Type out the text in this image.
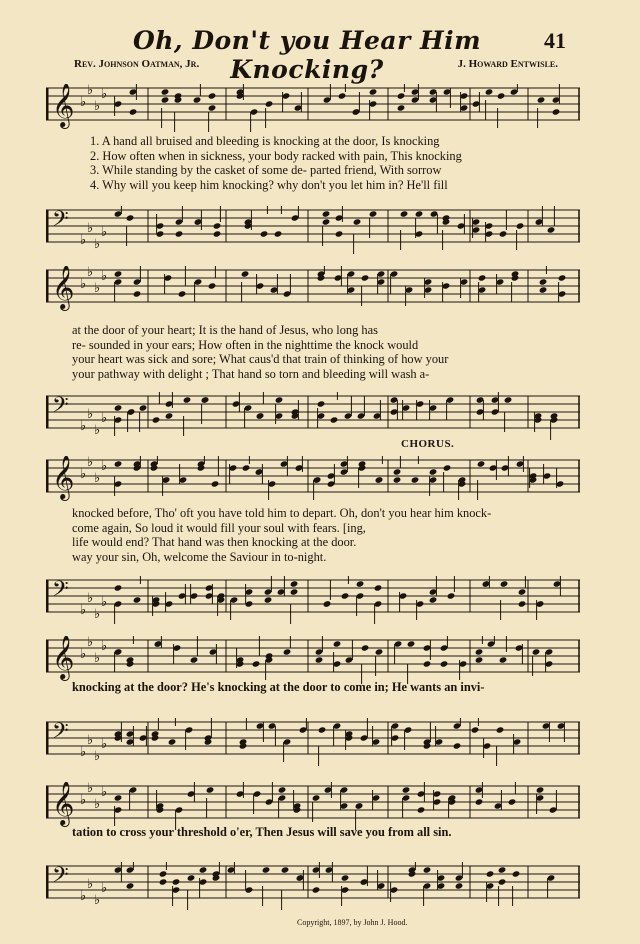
Oh, Don't you Hear Him Knocking?
41
Rev. Johnson Oatman, Jr.	J. Howard Entwisle.
𝄞 ♭
♭
♭
♭
1. A hand all bruised and bleeding is knocking at the door, Is knocking
2. How often when in sickness, your body racked with pain, This knocking
3. While standing by the casket of some de- parted friend, With sorrow
4. Why will you keep him knocking? why don't you let him in? He'll fill
𝄢
♭
♭
♭
♭
𝄞 ♭
♭
♭
♭
at the door of your heart; It is the hand of Jesus, who long has
re- sounded in your ears; How often in the nighttime the knock would
your heart was sick and sore; What caus'd that train of thinking of how your
your pathway with delight ; That hand so torn and bleeding will wash a-
𝄢
♭
♭
♭
♭
CHORUS.
𝄞 ♭
♭
♭
♭
knocked before, Tho' oft you have told him to depart. Oh, don't you hear him knock-
come again, So loud it would fill your soul with fears. [ing,
life would end? That hand was then knocking at the door.
way your sin, Oh, welcome the Saviour in to-night.
𝄢
♭
♭
♭
♭
𝄞 ♭
♭
♭
♭
knocking at the door? He's knocking at the door to come in; He wants an invi-
𝄢
♭
♭
♭
♭
𝄞 ♭
♭
♭
♭
tation to cross your threshold o'er, Then Jesus will save you from all sin.
𝄢
♭
♭
♭
♭
Copyright, 1897, by John J. Hood.
